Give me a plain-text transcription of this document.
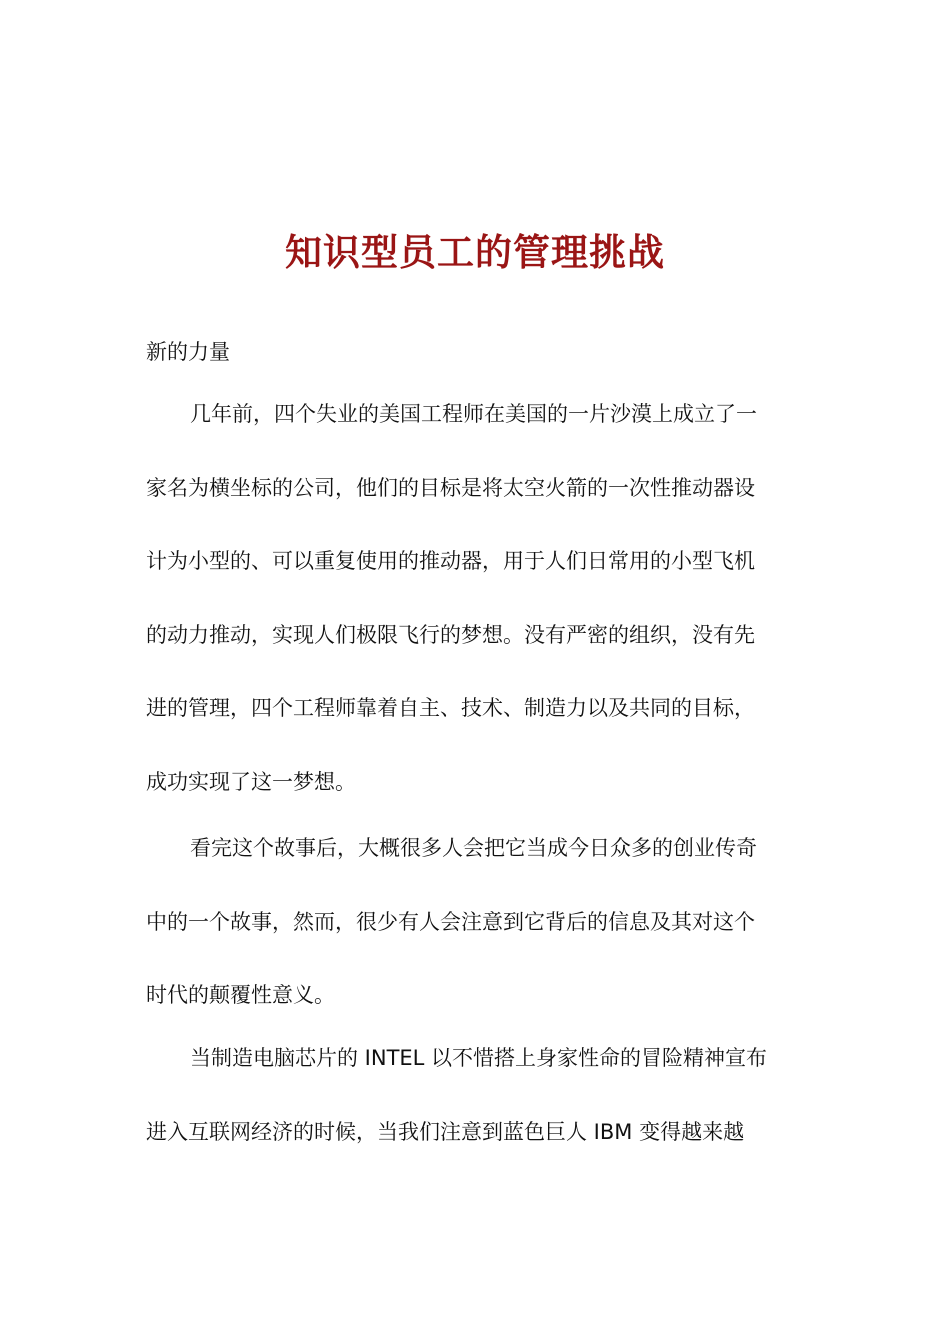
知识型员工的管理挑战
新的力量
几年前，四个失业的美国工程师在美国的一片沙漠上成立了一
家名为横坐标的公司，他们的目标是将太空火箭的一次性推动器设
计为小型的、可以重复使用的推动器，用于人们日常用的小型飞机
的动力推动，实现人们极限飞行的梦想。没有严密的组织，没有先
进的管理，四个工程师靠着自主、技术、制造力以及共同的目标，
成功实现了这一梦想。
看完这个故事后，大概很多人会把它当成今日众多的创业传奇
中的一个故事，然而，很少有人会注意到它背后的信息及其对这个
时代的颠覆性意义。
当制造电脑芯片的 INTEL 以不惜搭上身家性命的冒险精神宣布
进入互联网经济的时候，当我们注意到蓝色巨人 IBM 变得越来越
